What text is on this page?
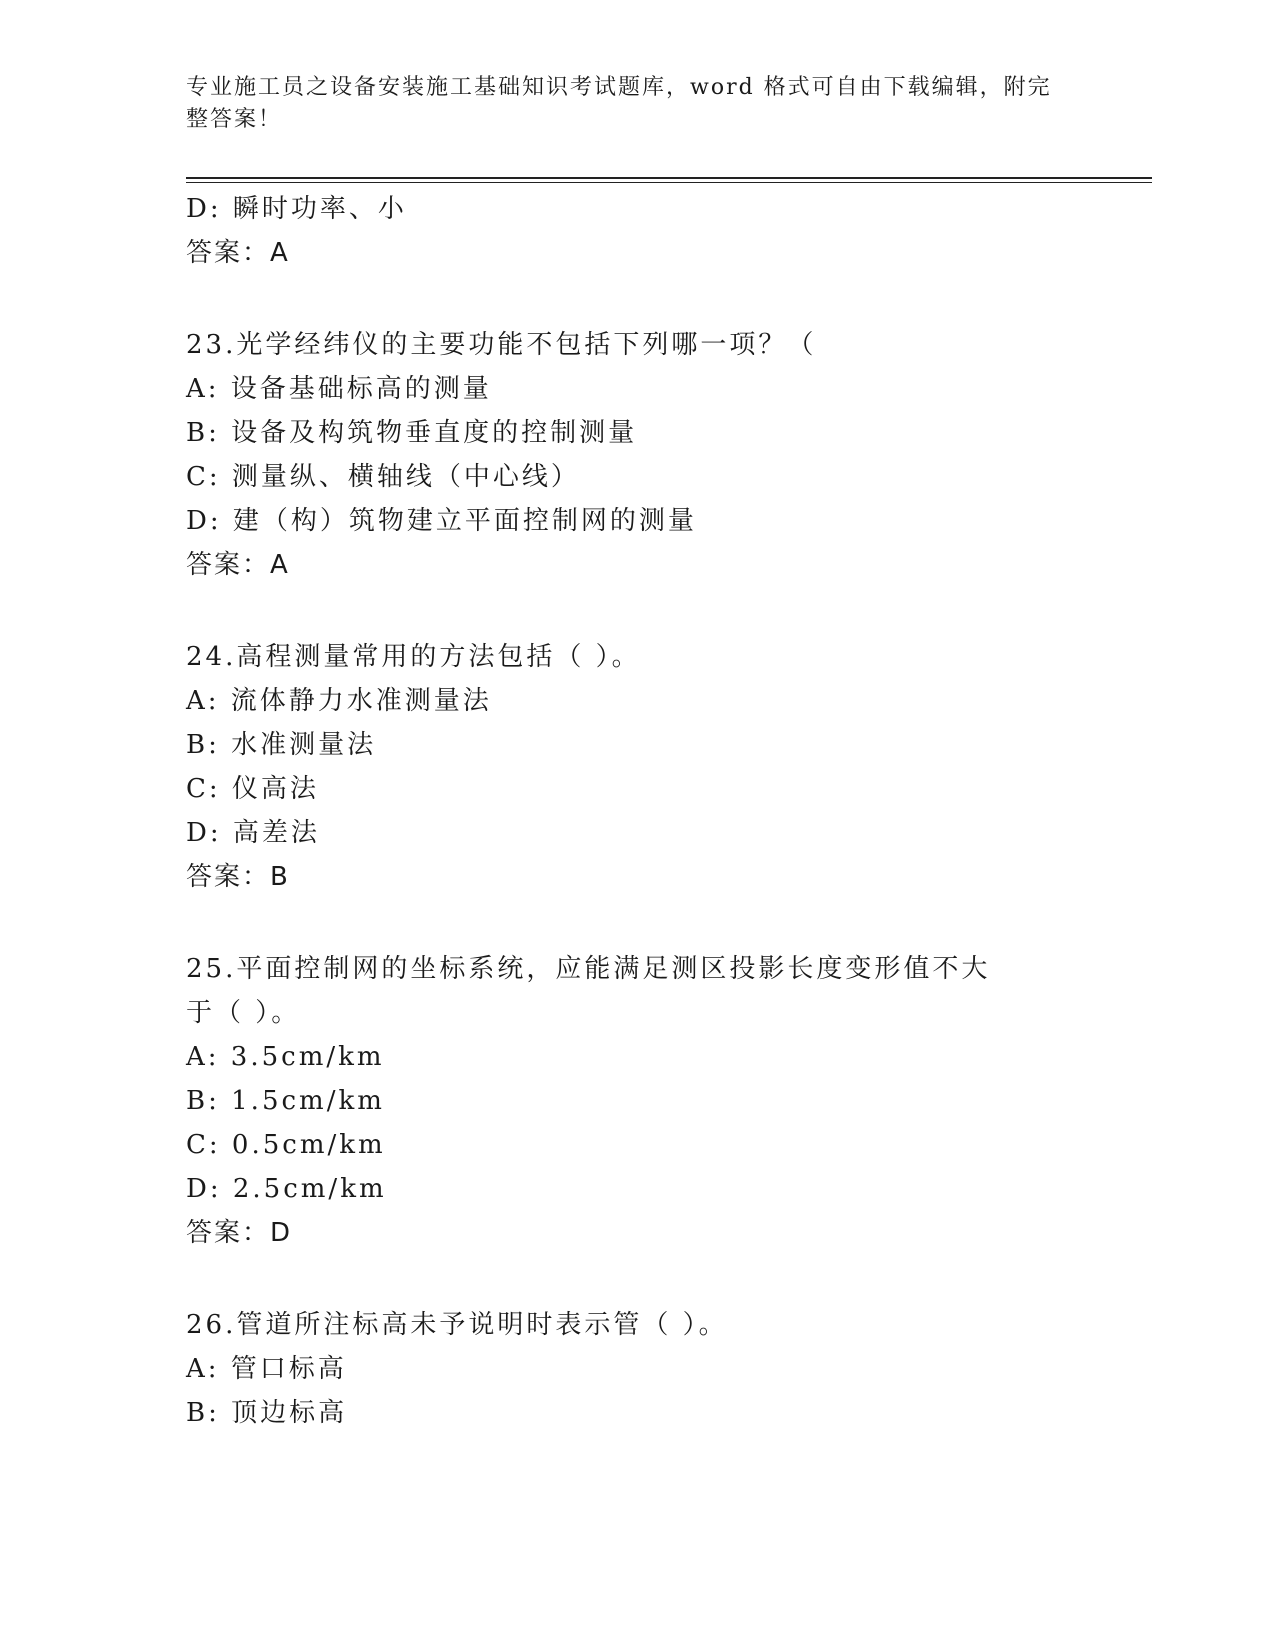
专业施工员之设备安装施工基础知识考试题库，word 格式可自由下载编辑，附完整答案！
D: 瞬时功率、小
答案：A
23.光学经纬仪的主要功能不包括下列哪一项？（
A: 设备基础标高的测量
B: 设备及构筑物垂直度的控制测量
C: 测量纵、横轴线（中心线）
D: 建（构）筑物建立平面控制网的测量
答案：A
24.高程测量常用的方法包括（ ）。
A: 流体静力水准测量法
B: 水准测量法
C: 仪高法
D: 高差法
答案：B
25.平面控制网的坐标系统，应能满足测区投影长度变形值不大于（ ）。
A: 3.5cm/km
B: 1.5cm/km
C: 0.5cm/km
D: 2.5cm/km
答案：D
26.管道所注标高未予说明时表示管（ ）。
A: 管口标高
B: 顶边标高
